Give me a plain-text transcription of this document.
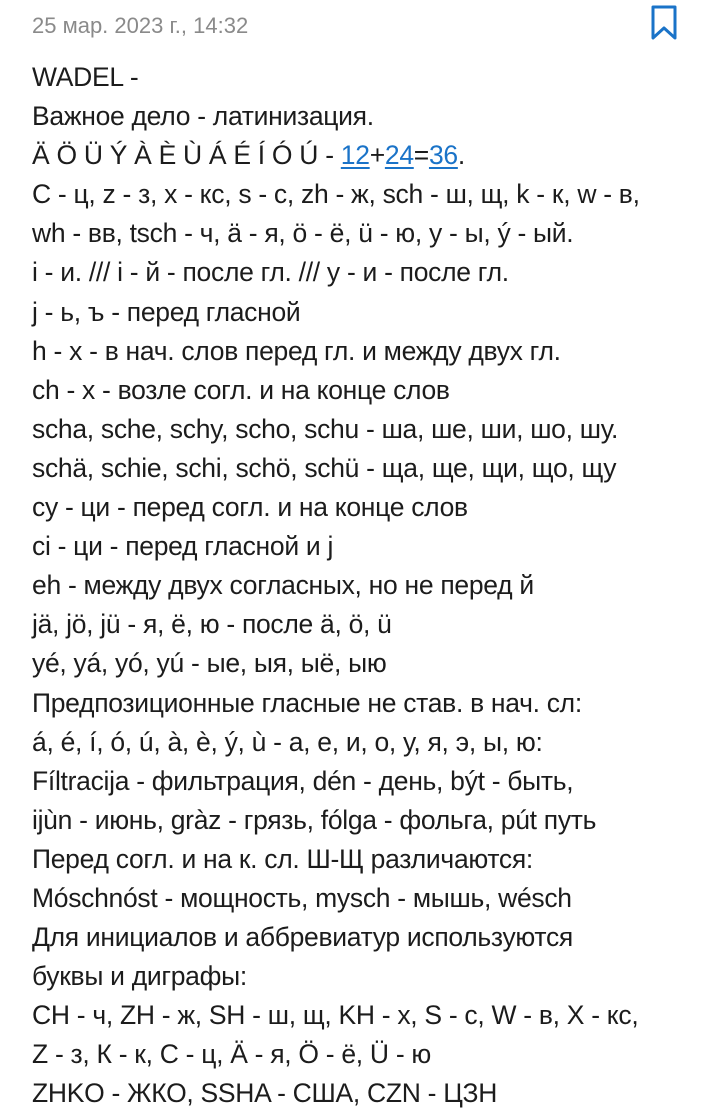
25 мар. 2023 г., 14:32
WADEL -
Важное дело - латинизация.
Ä Ö Ü Ý À È Ù Á É Í Ó Ú - 12+24=36.
C - ц, z - з, x - кс, s - с, zh - ж, sch - ш, щ, k - к, w - в,
wh - вв, tsch - ч, ä - я, ö - ё, ü - ю, y - ы, ý - ый.
i - и. /// i - й - после гл. /// y - и - после гл.
j - ь, ъ - перед гласной
h - х - в нач. слов перед гл. и между двух гл.
ch - х - возле согл. и на конце слов
scha, sche, schy, scho, schu - ша, ше, ши, шо, шу.
schä, schie, schi, schö, schü - ща, ще, щи, що, щу
cy - ци - перед согл. и на конце слов
ci - ци - перед гласной и j
eh - между двух согласных, но не перед й
jä, jö, jü - я, ё, ю - после ä, ö, ü
yé, yá, yó, yú - ые, ыя, ыё, ыю
Предпозиционные гласные не став. в нач. сл:
á, é, í, ó, ú, à, è, ý, ù - а, е, и, о, у, я, э, ы, ю:
Fíltracija - фильтрация, dén - день, být - быть,
ijùn - июнь, gràz - грязь, fólga - фольга, pút путь
Перед согл. и на к. сл. Ш-Щ различаются:
Móschnóst - мощность, mysch - мышь, wésch
Для инициалов и аббревиатур используются
буквы и диграфы:
CH - ч, ZH - ж, SH - ш, щ, KH - х, S - с, W - в, X - кс,
Z - з, К - к, С - ц, Ä - я, Ö - ё, Ü - ю
ZHKO - ЖКО, SSHA - США, CZN - ЦЗН
